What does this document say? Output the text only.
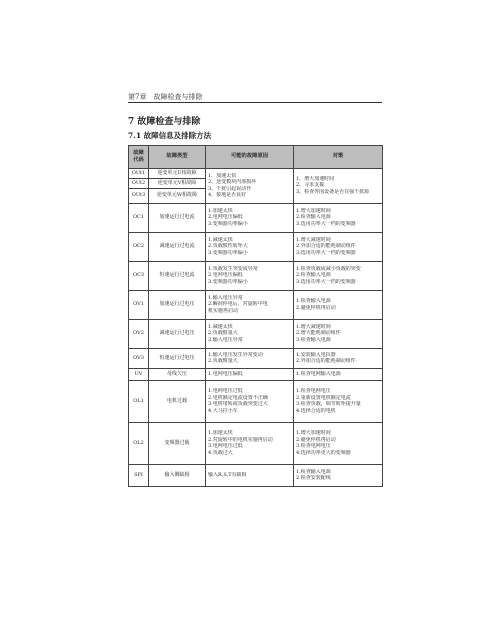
第7章　故障检查与排除
7 故障检查与排除
7.1 故障信息及排除方法
故障代码	故障类型	可能的故障原因	对策
OUt1	逆变单元U相故障	1、加速太快
2、逆变模块内部损坏
3、干扰引起误动作
4、接地是否良好	1、增大加速时间
2、寻求支援
3、检查外围设备是否有强干扰源

OUt2	逆变单元V相故障		
OUt3	逆变单元W相故障		
OC1	加速运行过电流	1.加速太快
2.电网电压偏低
3.变频器功率偏小	1.增大加速时间
2.检查输入电源
3.选用功率大一档的变频器

OC2	减速运行过电流	1.减速太快
2.负载惯性转矩大
3.变频器功率偏小	1.增大减速时间
2.外加合适的能耗制动组件
3.选用功率大一档的变频器

OC3	恒速运行过电流	1.负载发生突变或异常
2.电网电压偏低
3.变频器功率偏小	1.检查负载或减小负载的突变
2.检查输入电源
3.选用功率大一档的变频器

OV1	加速运行过电压	1.输入电压异常
2.瞬间停电后，对旋转中电
机实施再启动	1.检查输入电源
2.避免停机再启动

OV2	减速运行过电压	1.减速太快
2.负载惯量大
3.输入电压异常	1.增大减速时间
2.增大能耗制动组件
3.检查输入电源

OV3	恒速运行过电压	1.输入电压发生异常变动
2.负载惯量大	1.安装输入电抗器
2.外加合适的能耗制动组件

UV	母线欠压	1.电网电压偏低	1.检查电网输入电源

OL1	电机过载	1.电网电压过低
2.电机额定电流设置不正确
3.电机堵转或负载突变过大
4.大马拉小车	1.检查电网电压
2.重新设置电机额定电流
3.检查负载，调节转矩提升量
4.选择合适的电机

OL2	变频器过载	1.加速太快
2.对旋转中的电机实施再启动
3.电网电压过低
4.负载过大	1.增大加速时间
2.避免停机再启动
3.检查电网电压
4.选择功率更大的变频器

SPI	输入侧缺相	输入R,S,T有缺相	1.检查输入电源
2.检查安装配线
